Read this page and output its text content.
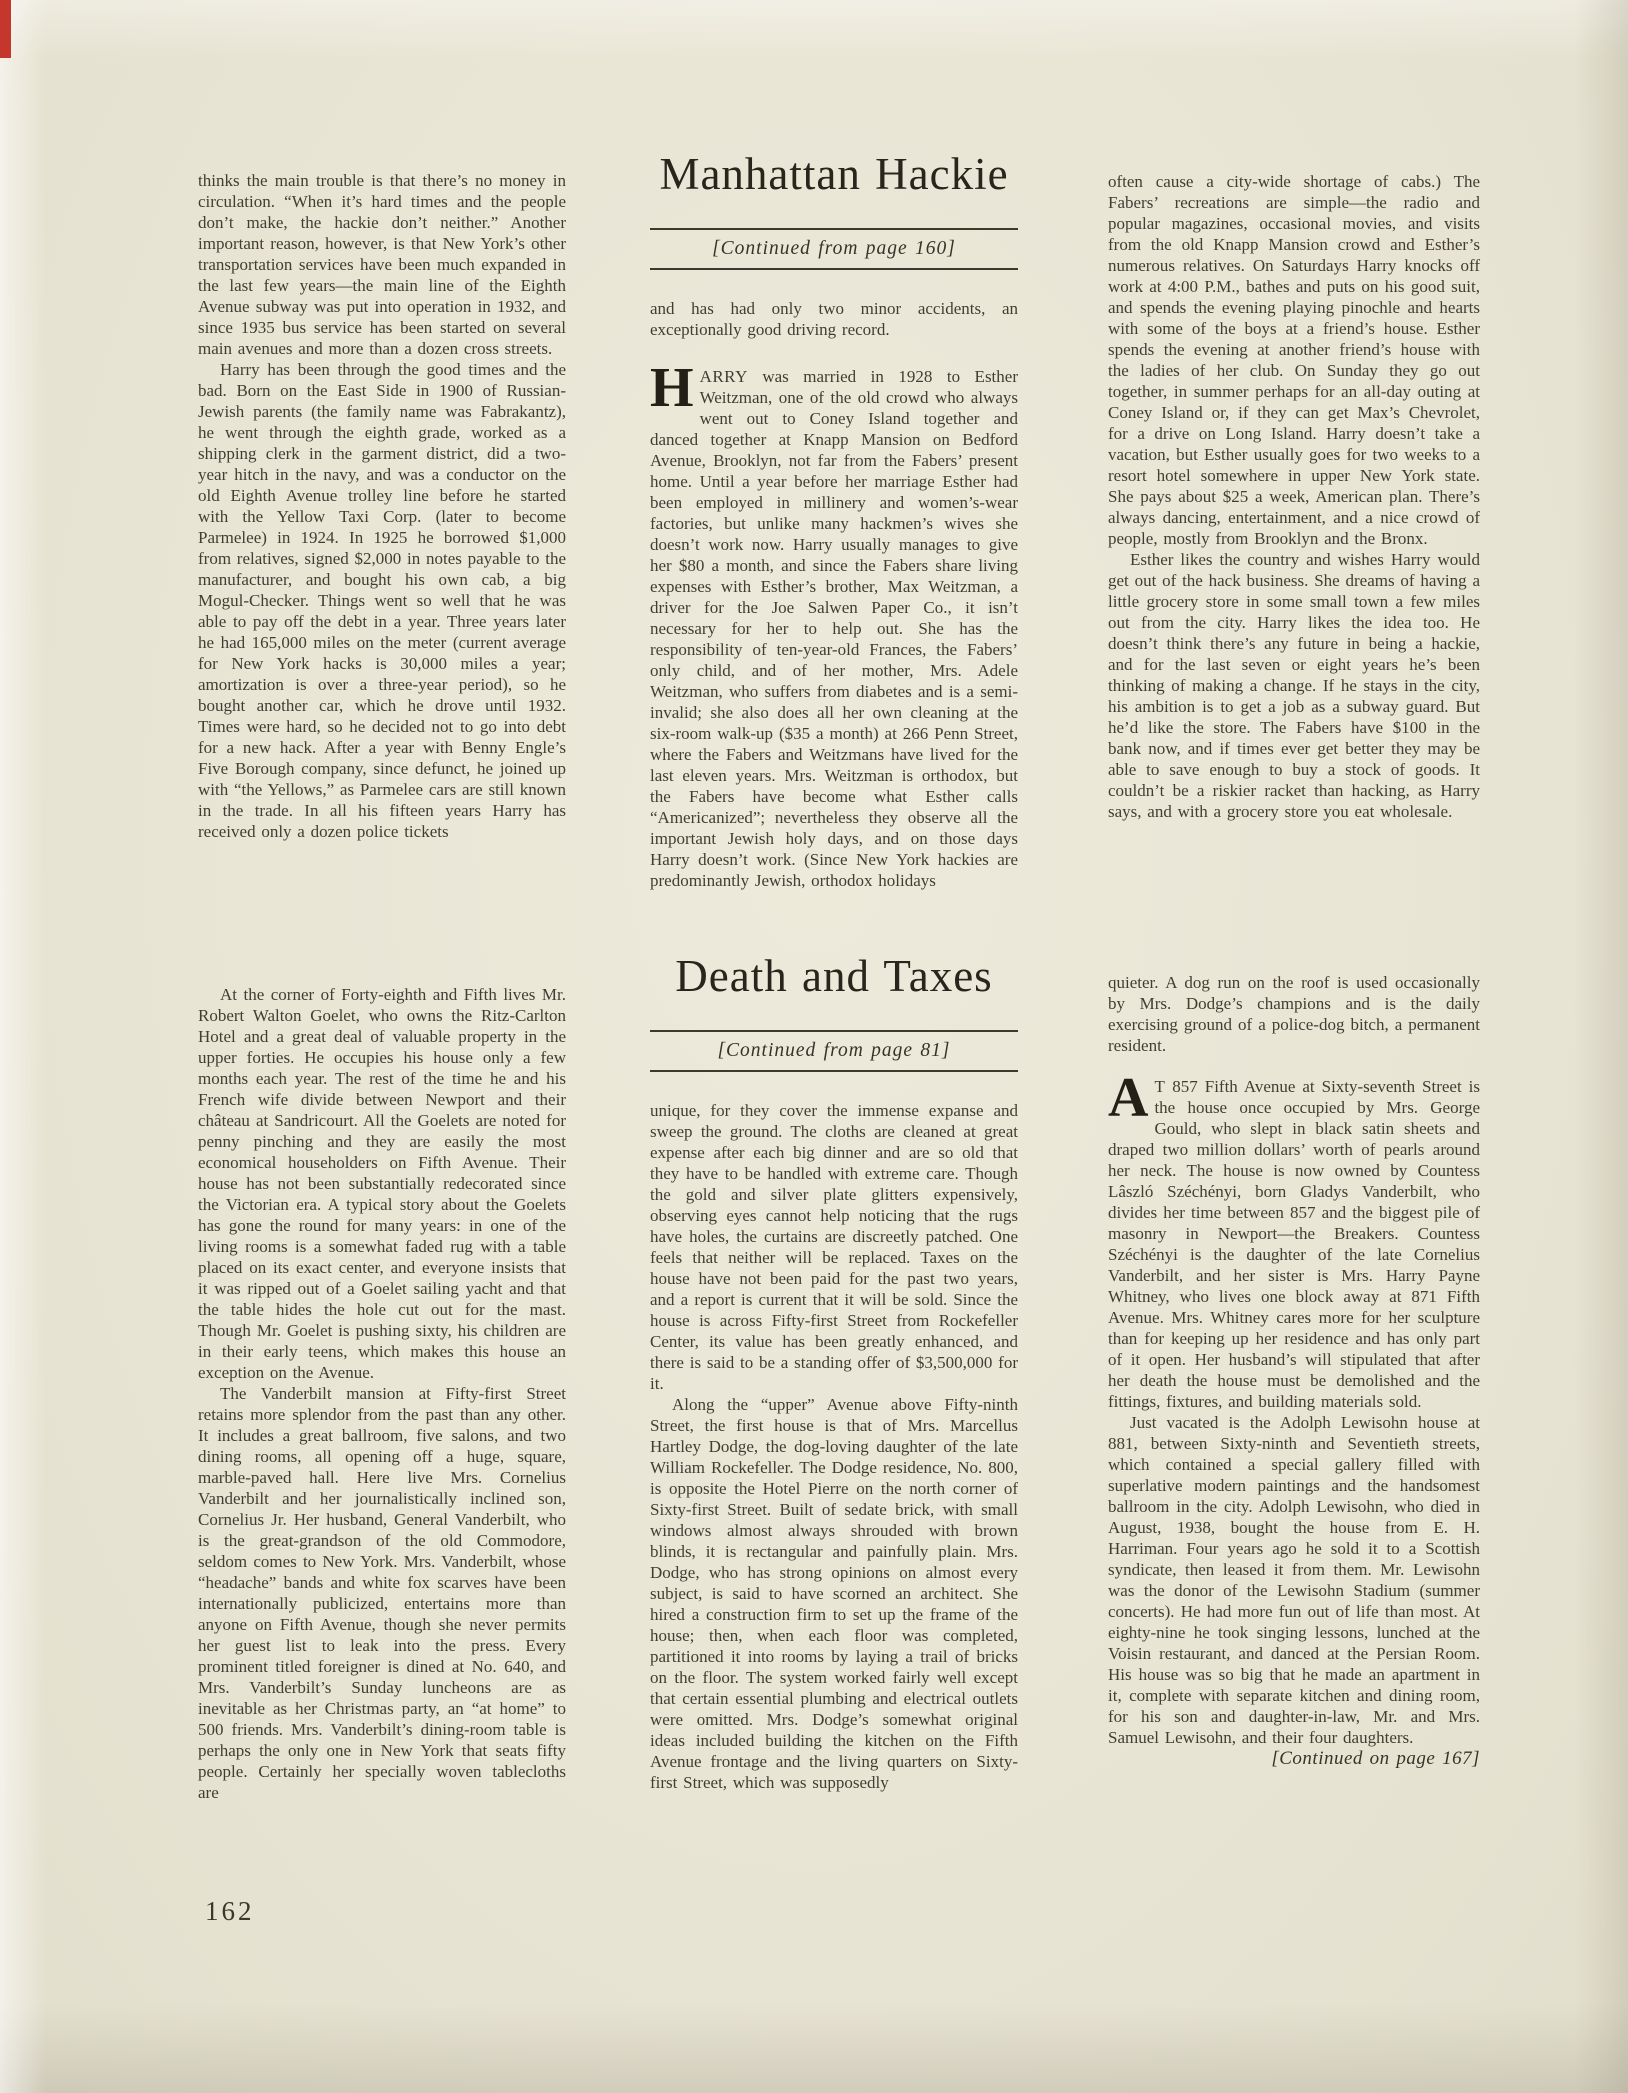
thinks the main trouble is that there’s no money in circulation. “When it’s hard times and the people don’t make, the hackie don’t neither.” Another important reason, however, is that New York’s other transportation services have been much expanded in the last few years—the main line of the Eighth Avenue subway was put into operation in 1932, and since 1935 bus service has been started on several main avenues and more than a dozen cross streets.

Harry has been through the good times and the bad. Born on the East Side in 1900 of Russian-Jewish parents (the family name was Fabrakantz), he went through the eighth grade, worked as a shipping clerk in the garment district, did a two-year hitch in the navy, and was a conductor on the old Eighth Avenue trolley line before he started with the Yellow Taxi Corp. (later to become Parmelee) in 1924. In 1925 he borrowed $1,000 from relatives, signed $2,000 in notes payable to the manufacturer, and bought his own cab, a big Mogul-Checker. Things went so well that he was able to pay off the debt in a year. Three years later he had 165,000 miles on the meter (current average for New York hacks is 30,000 miles a year; amortization is over a three-year period), so he bought another car, which he drove until 1932. Times were hard, so he decided not to go into debt for a new hack. After a year with Benny Engle’s Five Borough company, since defunct, he joined up with “the Yellows,” as Parmelee cars are still known in the trade. In all his fifteen years Harry has received only a dozen police tickets

Manhattan Hackie

[Continued from page 160]

and has had only two minor accidents, an exceptionally good driving record.

HARRY was married in 1928 to Esther Weitzman, one of the old crowd who always went out to Coney Island together and danced together at Knapp Mansion on Bedford Avenue, Brooklyn, not far from the Fabers’ present home. Until a year before her marriage Esther had been employed in millinery and women’s-wear factories, but unlike many hackmen’s wives she doesn’t work now. Harry usually manages to give her $80 a month, and since the Fabers share living expenses with Esther’s brother, Max Weitzman, a driver for the Joe Salwen Paper Co., it isn’t necessary for her to help out. She has the responsibility of ten-year-old Frances, the Fabers’ only child, and of her mother, Mrs. Adele Weitzman, who suffers from diabetes and is a semi-invalid; she also does all her own cleaning at the six-room walk-up ($35 a month) at 266 Penn Street, where the Fabers and Weitzmans have lived for the last eleven years. Mrs. Weitzman is orthodox, but the Fabers have become what Esther calls “Americanized”; nevertheless they observe all the important Jewish holy days, and on those days Harry doesn’t work. (Since New York hackies are predominantly Jewish, orthodox holidays

often cause a city-wide shortage of cabs.) The Fabers’ recreations are simple—the radio and popular magazines, occasional movies, and visits from the old Knapp Mansion crowd and Esther’s numerous relatives. On Saturdays Harry knocks off work at 4:00 P.M., bathes and puts on his good suit, and spends the evening playing pinochle and hearts with some of the boys at a friend’s house. Esther spends the evening at another friend’s house with the ladies of her club. On Sunday they go out together, in summer perhaps for an all-day outing at Coney Island or, if they can get Max’s Chevrolet, for a drive on Long Island. Harry doesn’t take a vacation, but Esther usually goes for two weeks to a resort hotel somewhere in upper New York state. She pays about $25 a week, American plan. There’s always dancing, entertainment, and a nice crowd of people, mostly from Brooklyn and the Bronx.

Esther likes the country and wishes Harry would get out of the hack business. She dreams of having a little grocery store in some small town a few miles out from the city. Harry likes the idea too. He doesn’t think there’s any future in being a hackie, and for the last seven or eight years he’s been thinking of making a change. If he stays in the city, his ambition is to get a job as a subway guard. But he’d like the store. The Fabers have $100 in the bank now, and if times ever get better they may be able to save enough to buy a stock of goods. It couldn’t be a riskier racket than hacking, as Harry says, and with a grocery store you eat wholesale.

At the corner of Forty-eighth and Fifth lives Mr. Robert Walton Goelet, who owns the Ritz-Carlton Hotel and a great deal of valuable property in the upper forties. He occupies his house only a few months each year. The rest of the time he and his French wife divide between Newport and their château at Sandricourt. All the Goelets are noted for penny pinching and they are easily the most economical householders on Fifth Avenue. Their house has not been substantially redecorated since the Victorian era. A typical story about the Goelets has gone the round for many years: in one of the living rooms is a somewhat faded rug with a table placed on its exact center, and everyone insists that it was ripped out of a Goelet sailing yacht and that the table hides the hole cut out for the mast. Though Mr. Goelet is pushing sixty, his children are in their early teens, which makes this house an exception on the Avenue.

The Vanderbilt mansion at Fifty-first Street retains more splendor from the past than any other. It includes a great ballroom, five salons, and two dining rooms, all opening off a huge, square, marble-paved hall. Here live Mrs. Cornelius Vanderbilt and her journalistically inclined son, Cornelius Jr. Her husband, General Vanderbilt, who is the great-grandson of the old Commodore, seldom comes to New York. Mrs. Vanderbilt, whose “headache” bands and white fox scarves have been internationally publicized, entertains more than anyone on Fifth Avenue, though she never permits her guest list to leak into the press. Every prominent titled foreigner is dined at No. 640, and Mrs. Vanderbilt’s Sunday luncheons are as inevitable as her Christmas party, an “at home” to 500 friends. Mrs. Vanderbilt’s dining-room table is perhaps the only one in New York that seats fifty people. Certainly her specially woven tablecloths are

Death and Taxes

[Continued from page 81]

unique, for they cover the immense expanse and sweep the ground. The cloths are cleaned at great expense after each big dinner and are so old that they have to be handled with extreme care. Though the gold and silver plate glitters expensively, observing eyes cannot help noticing that the rugs have holes, the curtains are discreetly patched. One feels that neither will be replaced. Taxes on the house have not been paid for the past two years, and a report is current that it will be sold. Since the house is across Fifty-first Street from Rockefeller Center, its value has been greatly enhanced, and there is said to be a standing offer of $3,500,000 for it.

Along the “upper” Avenue above Fifty-ninth Street, the first house is that of Mrs. Marcellus Hartley Dodge, the dog-loving daughter of the late William Rockefeller. The Dodge residence, No. 800, is opposite the Hotel Pierre on the north corner of Sixty-first Street. Built of sedate brick, with small windows almost always shrouded with brown blinds, it is rectangular and painfully plain. Mrs. Dodge, who has strong opinions on almost every subject, is said to have scorned an architect. She hired a construction firm to set up the frame of the house; then, when each floor was completed, partitioned it into rooms by laying a trail of bricks on the floor. The system worked fairly well except that certain essential plumbing and electrical outlets were omitted. Mrs. Dodge’s somewhat original ideas included building the kitchen on the Fifth Avenue frontage and the living quarters on Sixty-first Street, which was supposedly

quieter. A dog run on the roof is used occasionally by Mrs. Dodge’s champions and is the daily exercising ground of a police-dog bitch, a permanent resident.

A T 857 Fifth Avenue at Sixty-seventh Street is the house once occupied by Mrs. George Gould, who slept in black satin sheets and draped two million dollars’ worth of pearls around her neck. The house is now owned by Countess Lâszló Széchényi, born Gladys Vanderbilt, who divides her time between 857 and the biggest pile of masonry in Newport—the Breakers. Countess Széchényi is the daughter of the late Cornelius Vanderbilt, and her sister is Mrs. Harry Payne Whitney, who lives one block away at 871 Fifth Avenue. Mrs. Whitney cares more for her sculpture than for keeping up her residence and has only part of it open. Her husband’s will stipulated that after her death the house must be demolished and the fittings, fixtures, and building materials sold.

Just vacated is the Adolph Lewisohn house at 881, between Sixty-ninth and Seventieth streets, which contained a special gallery filled with superlative modern paintings and the handsomest ballroom in the city. Adolph Lewisohn, who died in August, 1938, bought the house from E. H. Harriman. Four years ago he sold it to a Scottish syndicate, then leased it from them. Mr. Lewisohn was the donor of the Lewisohn Stadium (summer concerts). He had more fun out of life than most. At eighty-nine he took singing lessons, lunched at the Voisin restaurant, and danced at the Persian Room. His house was so big that he made an apartment in it, complete with separate kitchen and dining room, for his son and daughter-in-law, Mr. and Mrs. Samuel Lewisohn, and their four daughters.

[Continued on page 167]

162
